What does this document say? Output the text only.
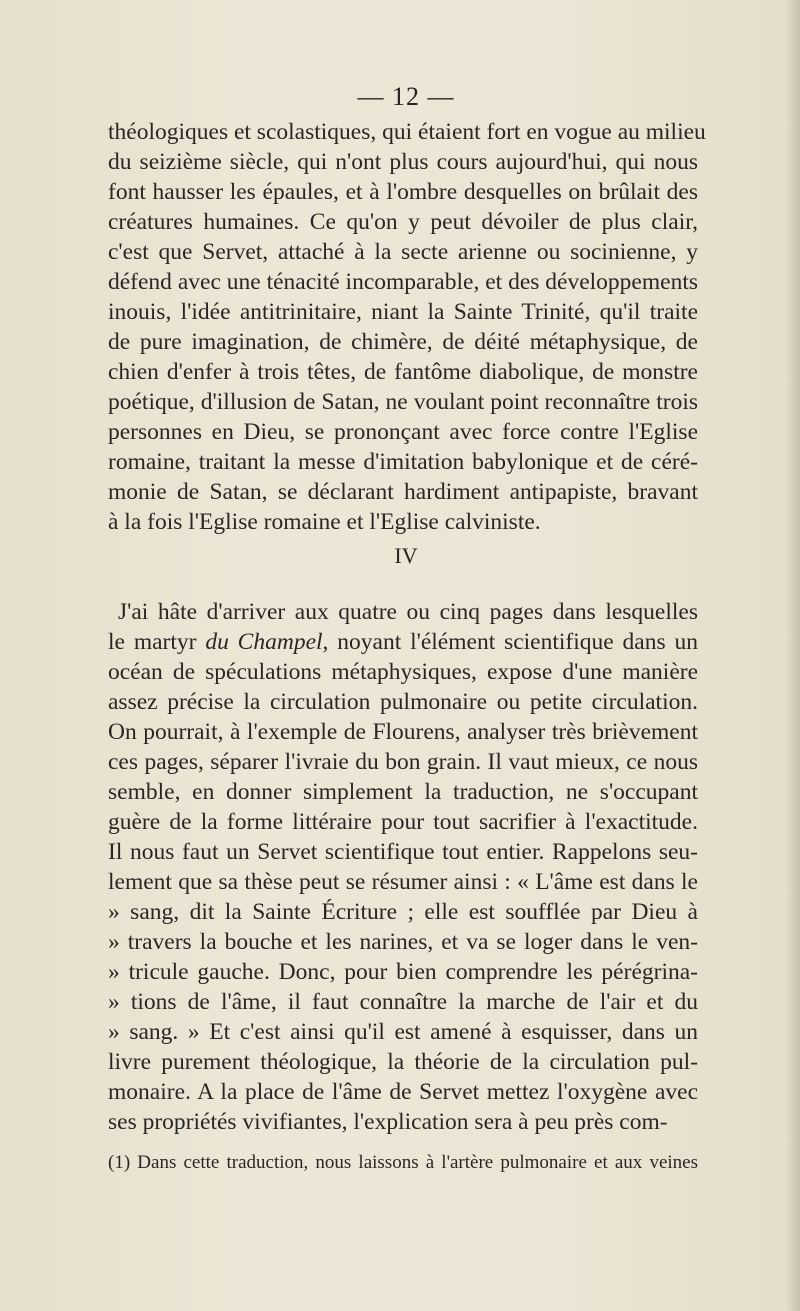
— 12 —
théologiques et scolastiques, qui étaient fort en vogue au milieu
du seizième siècle, qui n'ont plus cours aujourd'hui, qui nous
font hausser les épaules, et à l'ombre desquelles on brûlait des
créatures humaines. Ce qu'on y peut dévoiler de plus clair,
c'est que Servet, attaché à la secte arienne ou socinienne, y
défend avec une ténacité incomparable, et des développements
inouis, l'idée antitrinitaire, niant la Sainte Trinité, qu'il traite
de pure imagination, de chimère, de déité métaphysique, de
chien d'enfer à trois têtes, de fantôme diabolique, de monstre
poétique, d'illusion de Satan, ne voulant point reconnaître trois
personnes en Dieu, se prononçant avec force contre l'Eglise
romaine, traitant la messe d'imitation babylonique et de céré-
monie de Satan, se déclarant hardiment antipapiste, bravant
à la fois l'Eglise romaine et l'Eglise calviniste.
IV
J'ai hâte d'arriver aux quatre ou cinq pages dans lesquelles
le martyr du Champel, noyant l'élément scientifique dans un
océan de spéculations métaphysiques, expose d'une manière
assez précise la circulation pulmonaire ou petite circulation.
On pourrait, à l'exemple de Flourens, analyser très brièvement
ces pages, séparer l'ivraie du bon grain. Il vaut mieux, ce nous
semble, en donner simplement la traduction, ne s'occupant
guère de la forme littéraire pour tout sacrifier à l'exactitude.
Il nous faut un Servet scientifique tout entier. Rappelons seu-
lement que sa thèse peut se résumer ainsi : « L'âme est dans le
» sang, dit la Sainte Écriture ; elle est soufflée par Dieu à
» travers la bouche et les narines, et va se loger dans le ven-
» tricule gauche. Donc, pour bien comprendre les pérégrina-
» tions de l'âme, il faut connaître la marche de l'air et du
» sang. » Et c'est ainsi qu'il est amené à esquisser, dans un
livre purement théologique, la théorie de la circulation pul-
monaire. A la place de l'âme de Servet mettez l'oxygène avec
ses propriétés vivifiantes, l'explication sera à peu près com-
(1) Dans cette traduction, nous laissons à l'artère pulmonaire et aux veines
